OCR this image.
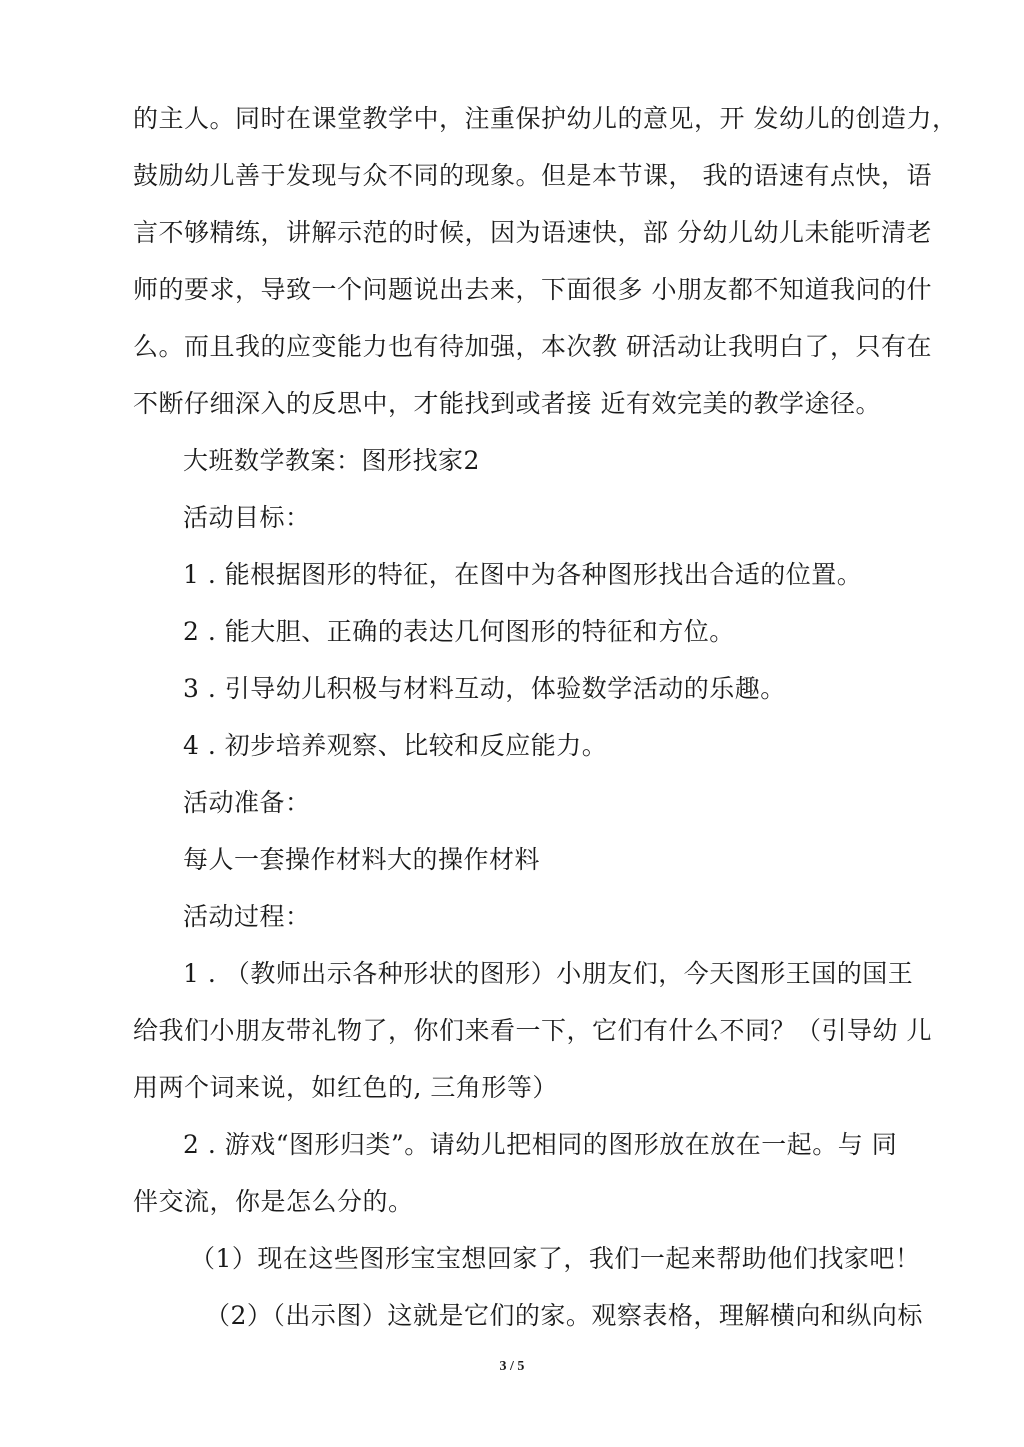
的主人。同时在课堂教学中，注重保护幼儿的意见，开 发幼儿的创造力，
鼓励幼儿善于发现与众不同的现象。但是本节课， 我的语速有点快，语
言不够精练，讲解示范的时候，因为语速快，部 分幼儿幼儿未能听清老
师的要求，导致一个问题说出去来，下面很多 小朋友都不知道我问的什
么。而且我的应变能力也有待加强，本次教 研活动让我明白了，只有在
不断仔细深入的反思中，才能找到或者接 近有效完美的教学途径。
大班数学教案：图形找家2
活动目标：
1 . 能根据图形的特征，在图中为各种图形找出合适的位置。
2 . 能大胆、正确的表达几何图形的特征和方位。
3 . 引导幼儿积极与材料互动，体验数学活动的乐趣。
4 . 初步培养观察、比较和反应能力。
活动准备：
每人一套操作材料大的操作材料
活动过程：
1 . （教师出示各种形状的图形）小朋友们，今天图形王国的国王
给我们小朋友带礼物了，你们来看一下，它们有什么不同？（引导幼 儿
用两个词来说，如红色的, 三角形等）
2 . 游戏“图形归类”。请幼儿把相同的图形放在放在一起。与 同
伴交流，你是怎么分的。
（1）现在这些图形宝宝想回家了，我们一起来帮助他们找家吧！
（2）（出示图）这就是它们的家。观察表格，理解横向和纵向标
3 / 5
